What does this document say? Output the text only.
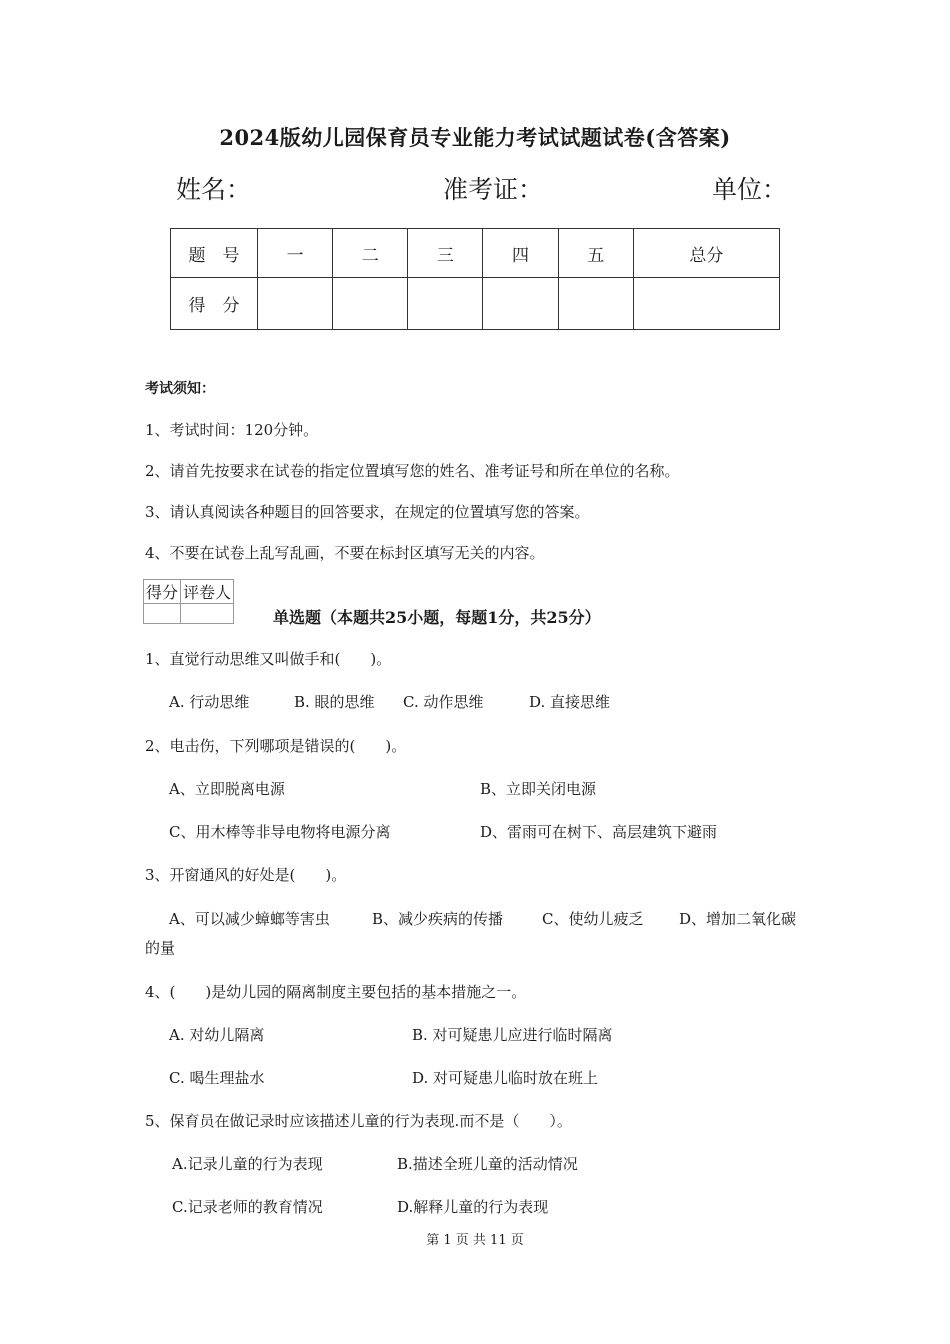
2024版幼儿园保育员专业能力考试试题试卷(含答案)
姓名：	准考证：	单位：
题　号	一	二	三	四	五	总分
得　分						
考试须知：
1、考试时间：120分钟。
2、请首先按要求在试卷的指定位置填写您的姓名、准考证号和所在单位的名称。
3、请认真阅读各种题目的回答要求，在规定的位置填写您的答案。
4、不要在试卷上乱写乱画，不要在标封区填写无关的内容。
得分	评卷人

单选题（本题共25小题，每题1分，共25分）
1、直觉行动思维又叫做手和(　　)。
A. 行动思维	B. 眼的思维 C. 动作思维	D. 直接思维
2、电击伤，下列哪项是错误的(　　)。
A、立即脱离电源	B、立即关闭电源
C、用木棒等非导电物将电源分离	D、雷雨可在树下、高层建筑下避雨
3、开窗通风的好处是(　　)。
A、可以减少蟑螂等害虫	B、减少疾病的传播	C、使幼儿疲乏 D、增加二氧化碳
的量
4、(　　)是幼儿园的隔离制度主要包括的基本措施之一。
A. 对幼儿隔离	B. 对可疑患儿应进行临时隔离
C. 喝生理盐水	D. 对可疑患儿临时放在班上
5、保育员在做记录时应该描述儿童的行为表现.而不是（　　）。
A.记录儿童的行为表现	B.描述全班儿童的活动情况
C.记录老师的教育情况	D.解释儿童的行为表现
第 1 页 共 11 页
